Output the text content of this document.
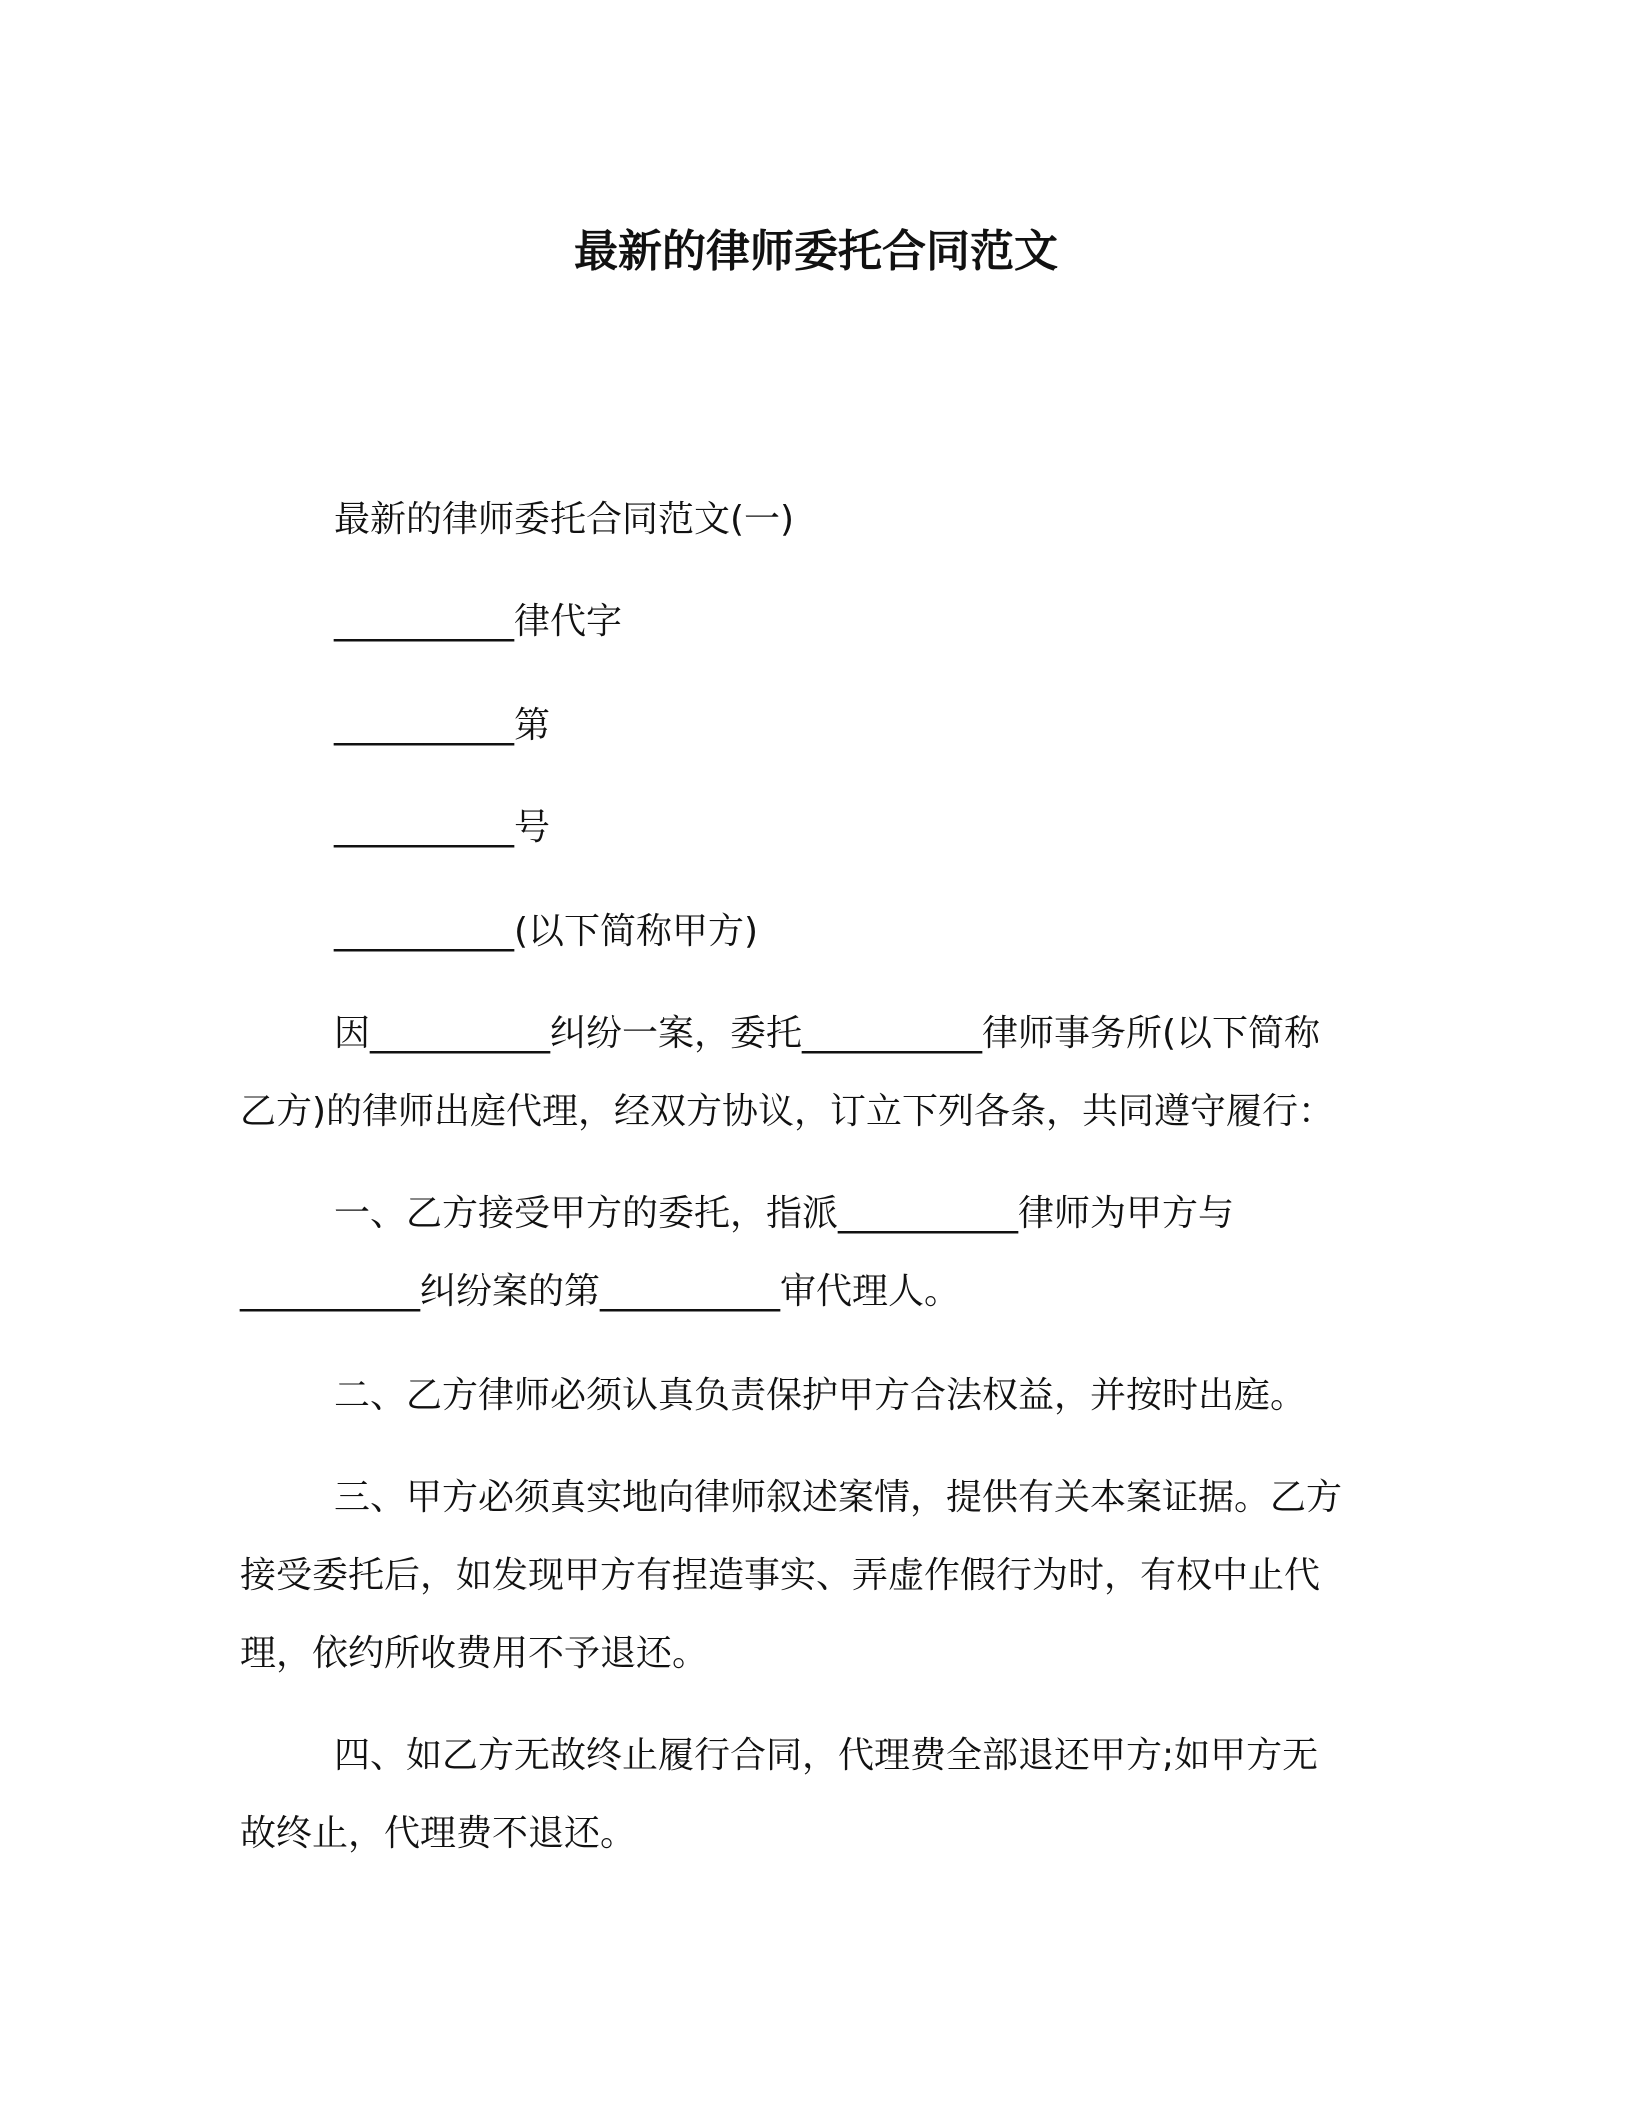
最新的律师委托合同范文
最新的律师委托合同范文(一)
__________律代字
__________第
__________号
__________(以下简称甲方)
因__________纠纷一案，委托__________律师事务所(以下简称
乙方)的律师出庭代理，经双方协议，订立下列各条，共同遵守履行：
一、乙方接受甲方的委托，指派__________律师为甲方与
__________纠纷案的第__________审代理人。
二、乙方律师必须认真负责保护甲方合法权益，并按时出庭。
三、甲方必须真实地向律师叙述案情，提供有关本案证据。乙方
接受委托后，如发现甲方有捏造事实、弄虚作假行为时，有权中止代
理，依约所收费用不予退还。
四、如乙方无故终止履行合同，代理费全部退还甲方;如甲方无
故终止，代理费不退还。
